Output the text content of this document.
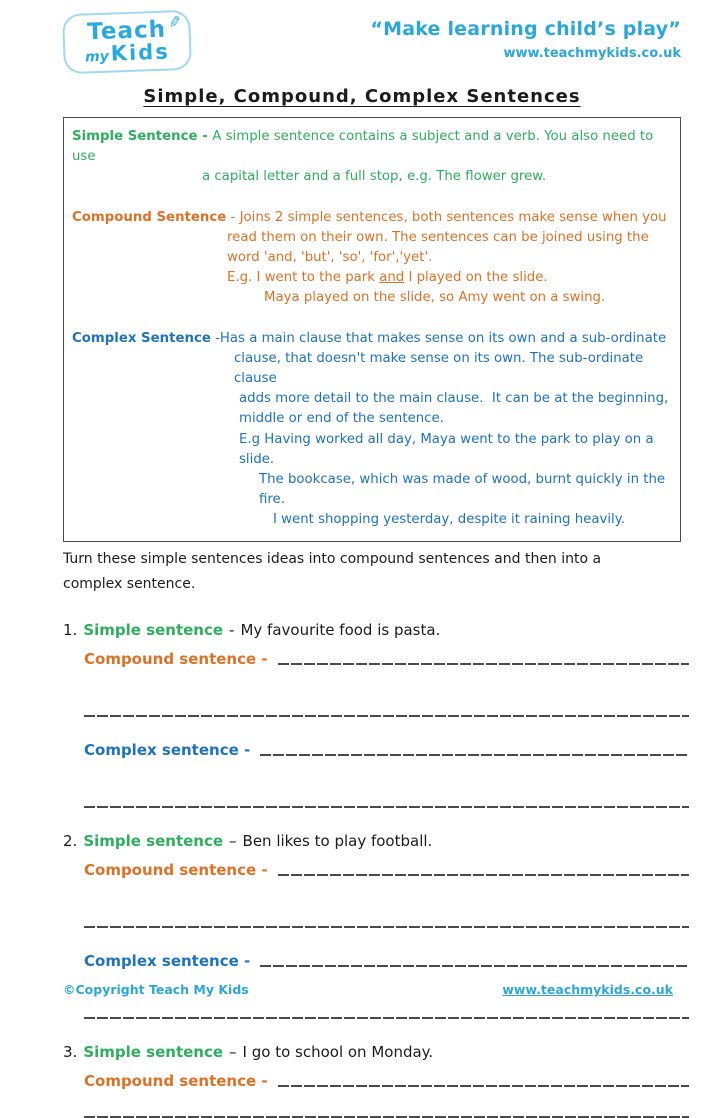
✎
Teach
myKids
“Make learning child’s play”
www.teachmykids.co.uk
Simple, Compound, Complex Sentences
Simple Sentence - A simple sentence contains a subject and a verb. You also need to use
a capital letter and a full stop, e.g. The flower grew.
Compound Sentence - Joins 2 simple sentences, both sentences make sense when you
read them on their own. The sentences can be joined using the
word 'and, 'but', 'so', 'for','yet'.
E.g. I went to the park and I played on the slide.
Maya played on the slide, so Amy went on a swing.
Complex Sentence -Has a main clause that makes sense on its own and a sub-ordinate
clause, that doesn't make sense on its own. The sub-ordinate clause
adds more detail to the main clause.  It can be at the beginning,
middle or end of the sentence.
E.g Having worked all day, Maya went to the park to play on a slide.
The bookcase, which was made of wood, burnt quickly in the fire.
I went shopping yesterday, despite it raining heavily.
Turn these simple sentences ideas into compound sentences and then into a complex sentence.
1. Simple sentence - My favourite food is pasta.
Compound sentence -
Complex sentence -
2. Simple sentence – Ben likes to play football.
Compound sentence -
Complex sentence -
3. Simple sentence – I go to school on Monday.
Compound sentence -
©Copyright Teach My Kids	www.teachmykids.co.uk
